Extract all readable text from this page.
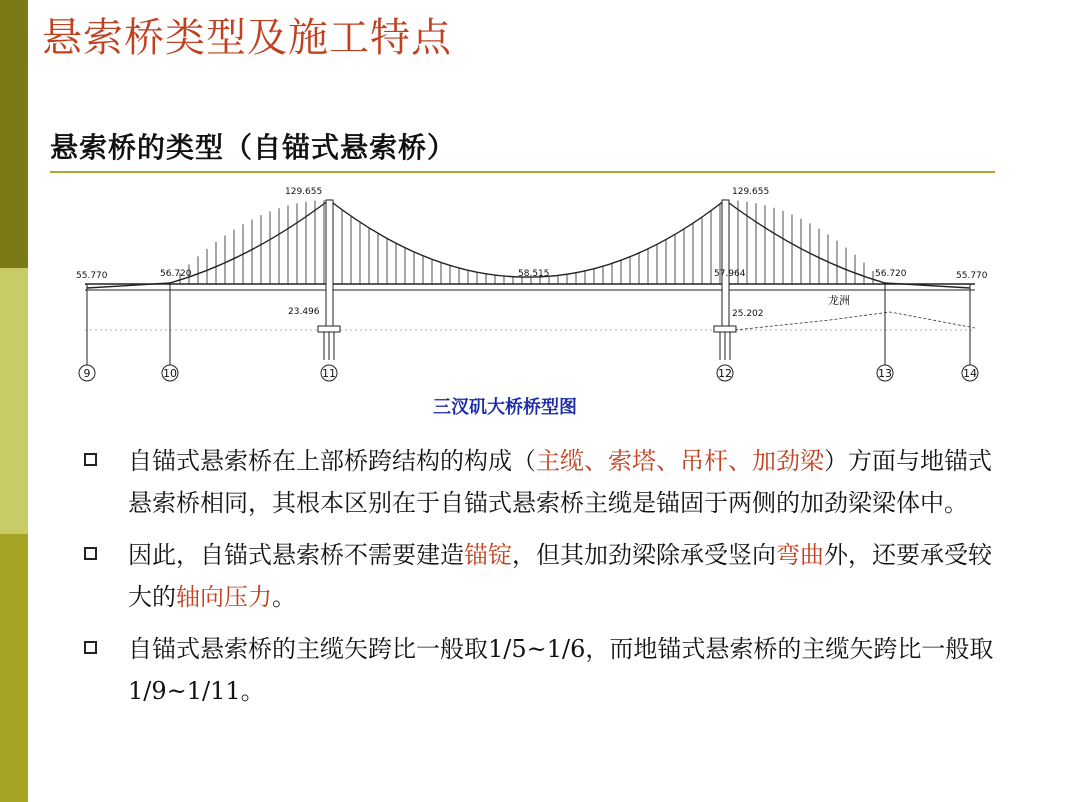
悬索桥类型及施工特点
悬索桥的类型（自锚式悬索桥）
129.655	129.655
55.770	56.720	58.515	57.964	56.720	55.770
23.496	25.202
龙洲
9	10	11	12	13	14
三汊矶大桥桥型图
自锚式悬索桥在上部桥跨结构的构成（主缆、索塔、吊杆、加劲梁）方面与地锚式悬索桥相同，其根本区别在于自锚式悬索桥主缆是锚固于两侧的加劲梁梁体中。
因此，自锚式悬索桥不需要建造锚锭，但其加劲梁除承受竖向弯曲外，还要承受较大的轴向压力。
自锚式悬索桥的主缆矢跨比一般取1/5~1/6，而地锚式悬索桥的主缆矢跨比一般取1/9~1/11。
